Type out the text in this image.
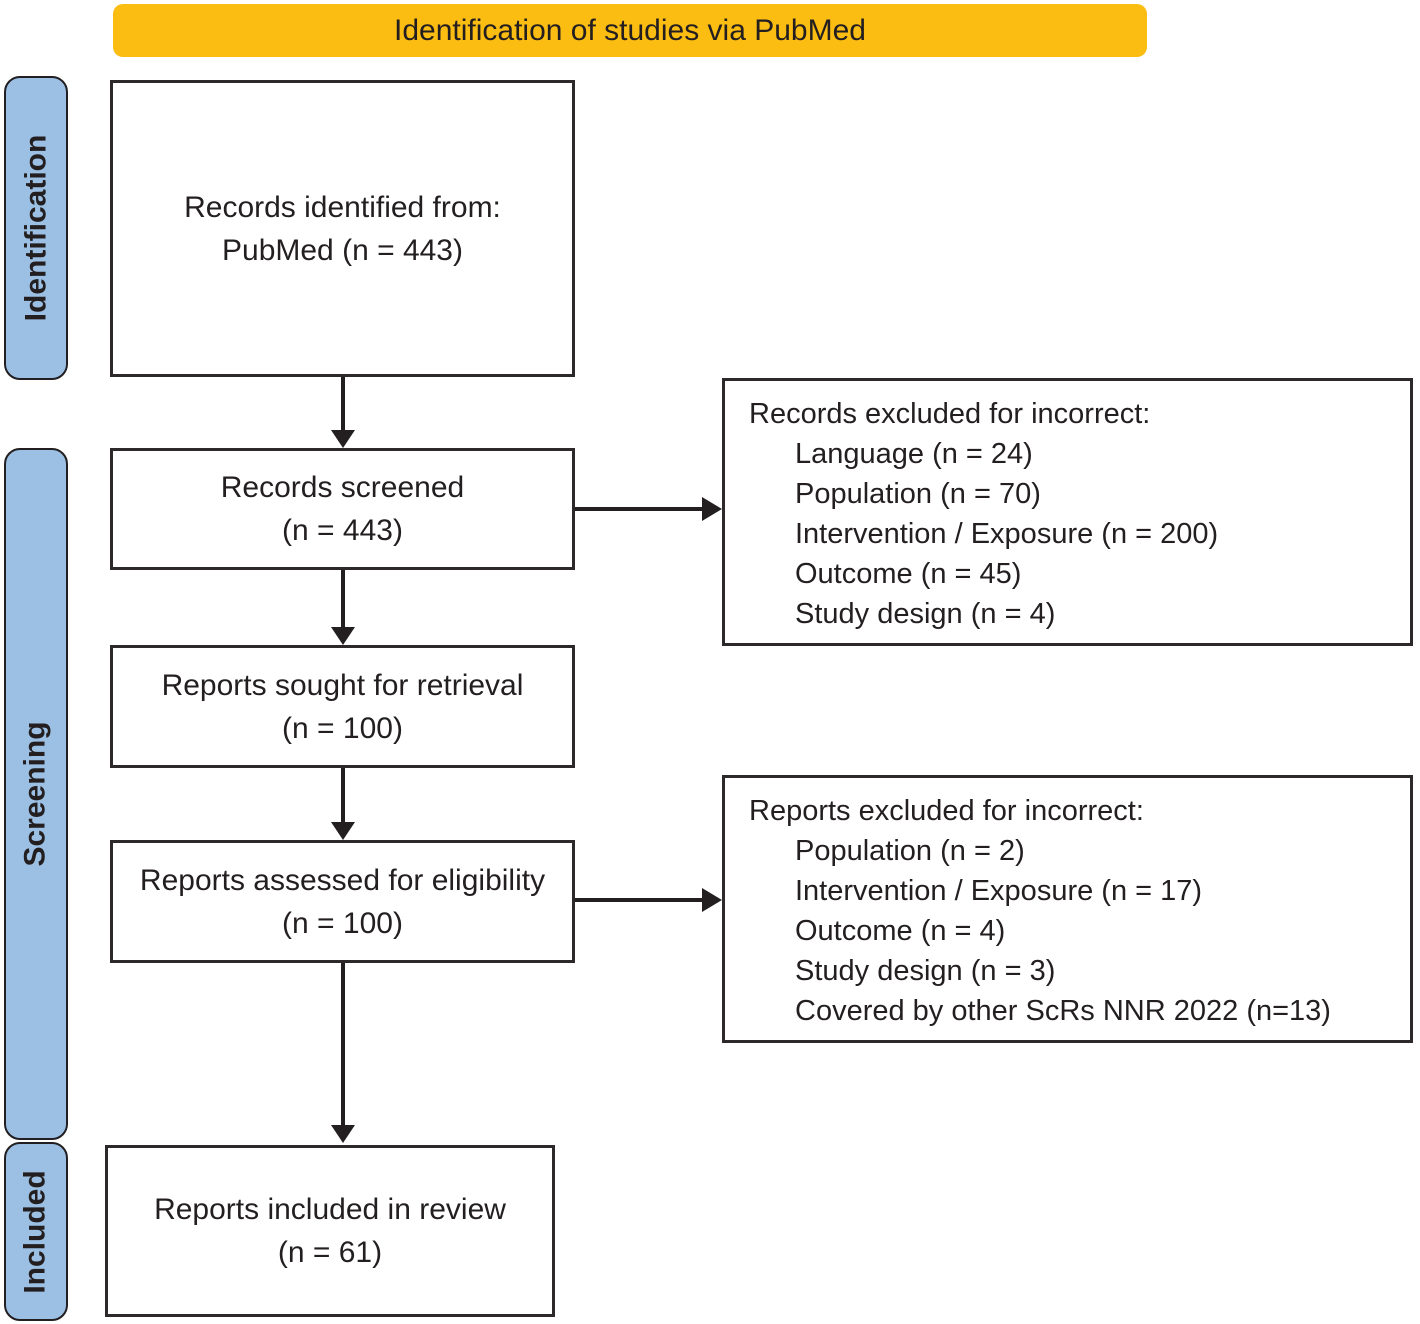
Identification of studies via PubMed
Identification
Screening
Included
Records identified from:
PubMed (n = 443)
Records screened
(n = 443)
Reports sought for retrieval
(n = 100)
Reports assessed for eligibility
(n = 100)
Reports included in review
(n = 61)
Records excluded for incorrect:
Language (n = 24)
Population (n = 70)
Intervention / Exposure (n = 200)
Outcome (n = 45)
Study design (n = 4)
Reports excluded for incorrect:
Population (n = 2)
Intervention / Exposure (n = 17)
Outcome (n = 4)
Study design (n = 3)
Covered by other ScRs NNR 2022 (n=13)
